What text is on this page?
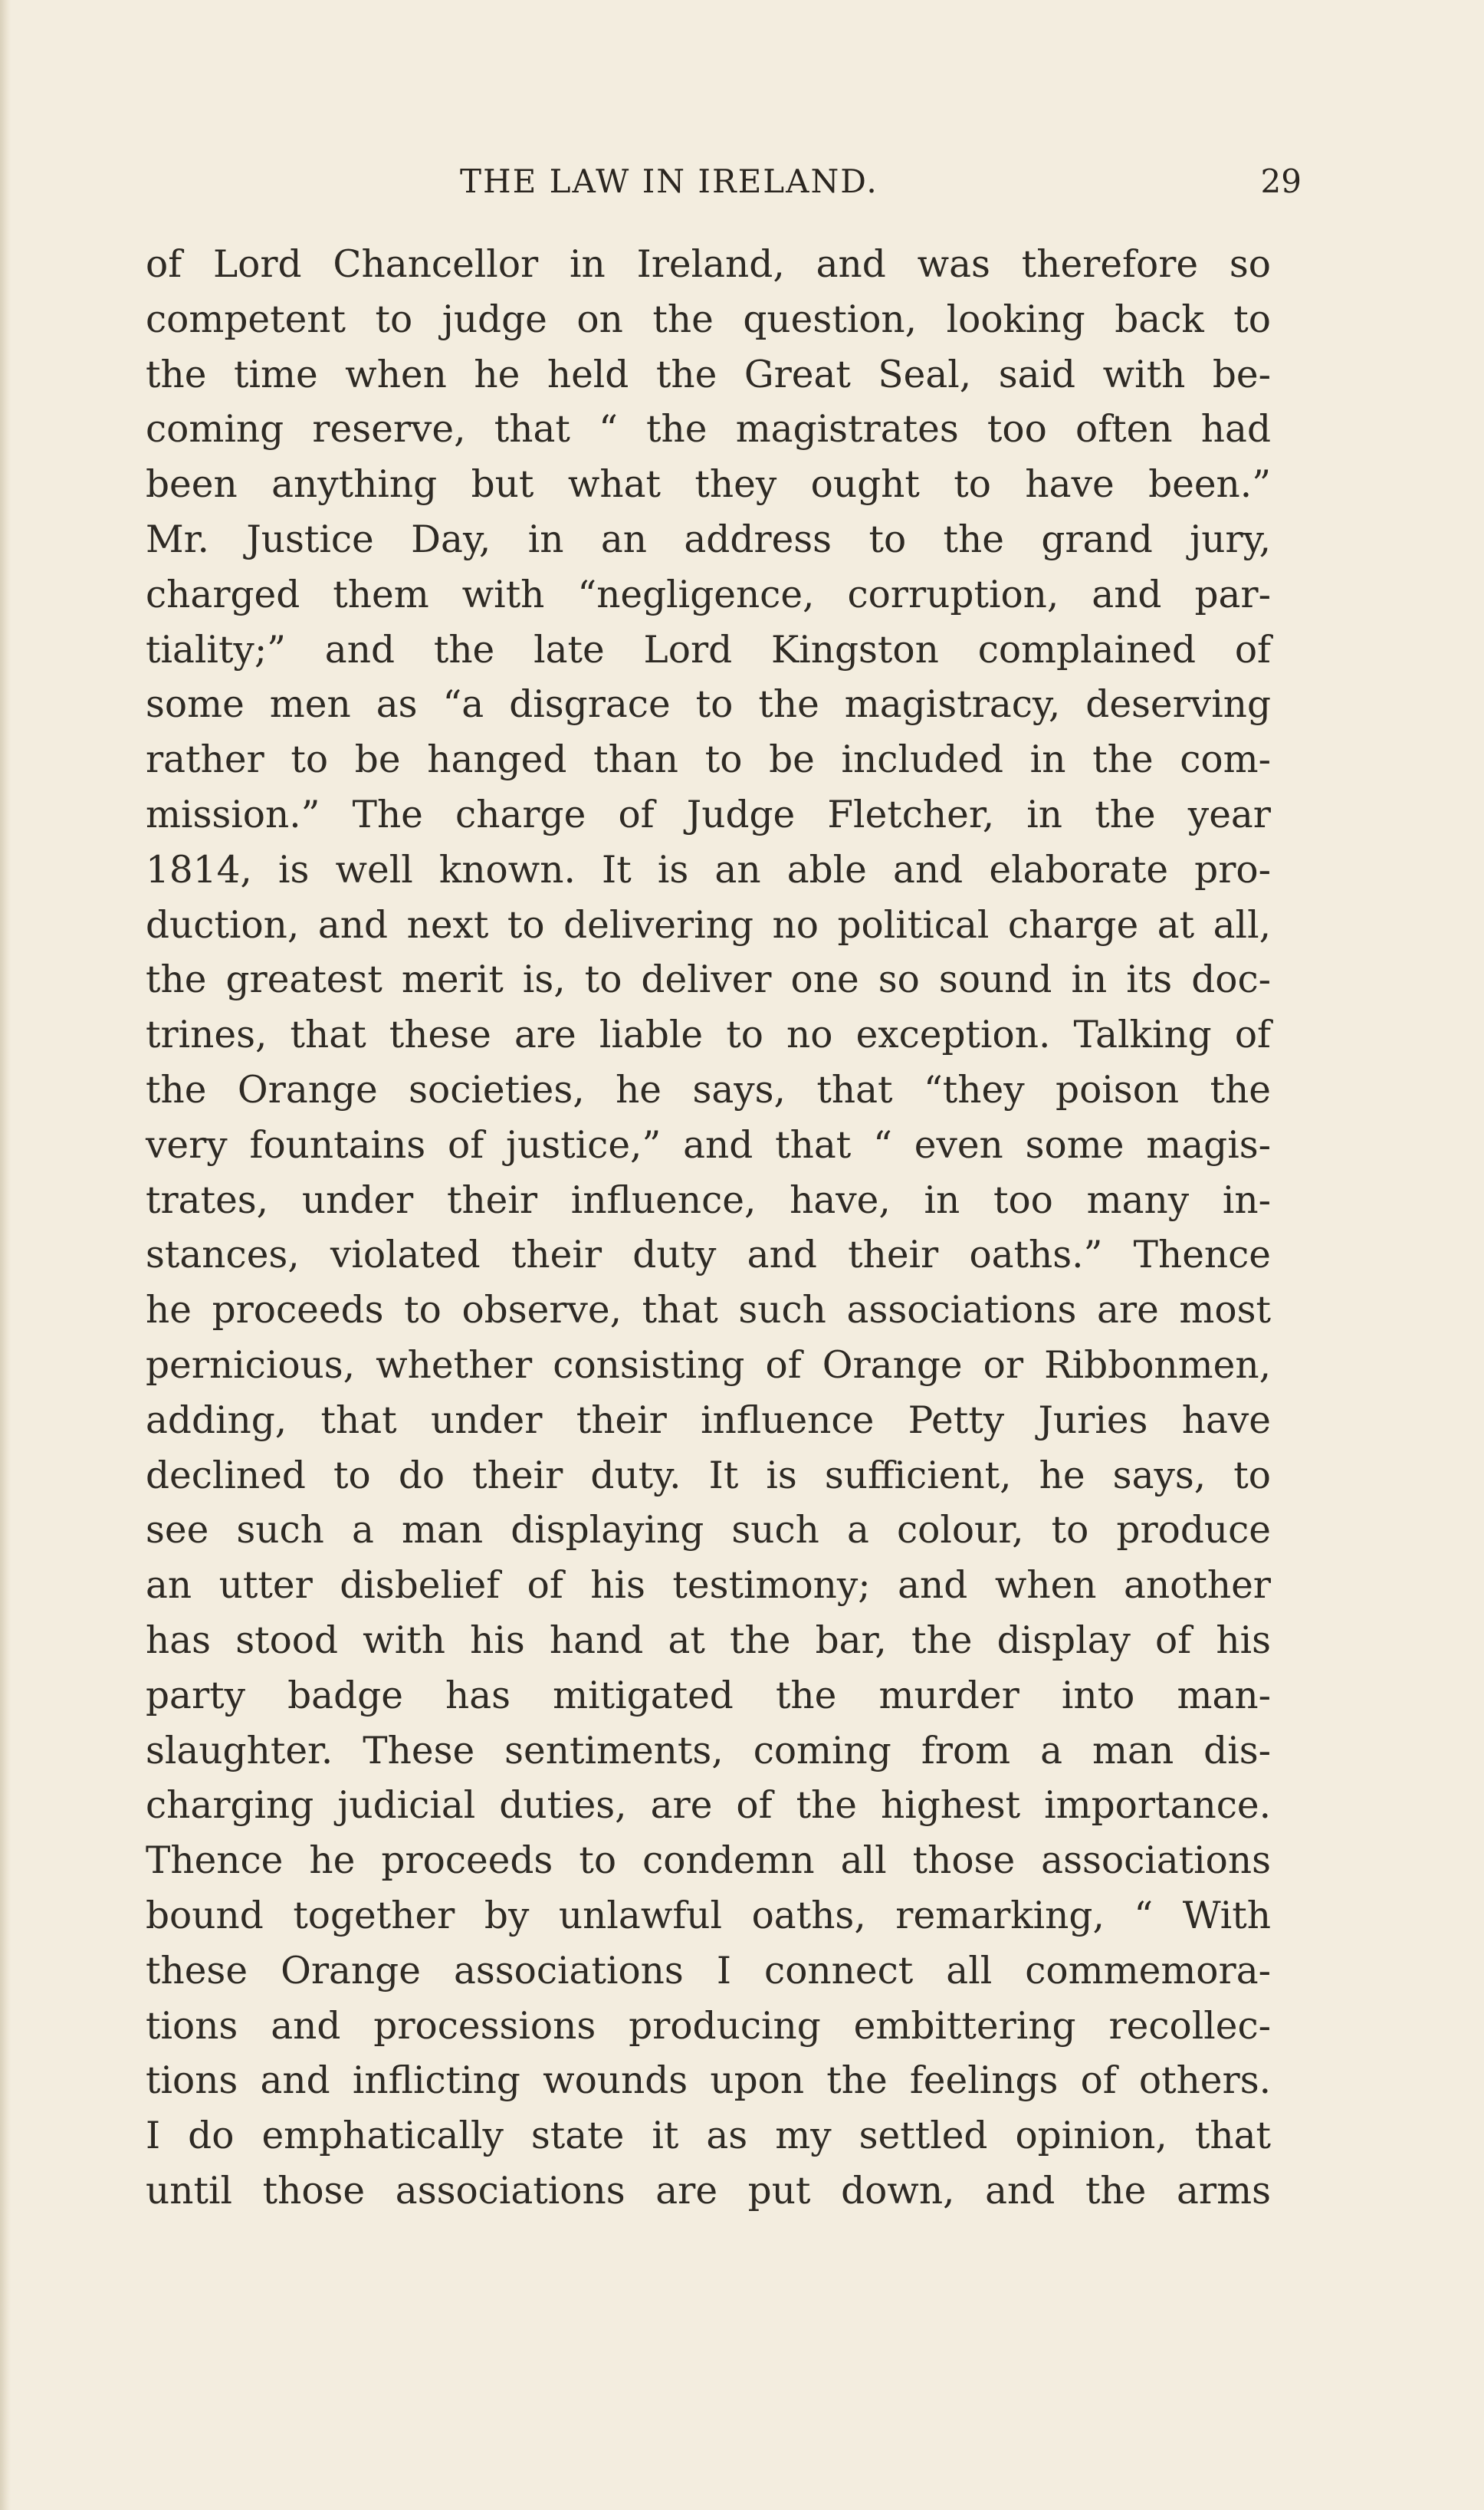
THE LAW IN IRELAND.	29
of Lord Chancellor in Ireland, and was therefore so
competent to judge on the question, looking back to
the time when he held the Great Seal, said with be-
coming reserve, that “ the magistrates too often had
been anything but what they ought to have been.”
Mr. Justice Day, in an address to the grand jury,
charged them with “negligence, corruption, and par-
tiality;” and the late Lord Kingston complained of
some men as “a disgrace to the magistracy, deserving
rather to be hanged than to be included in the com-
mission.” The charge of Judge Fletcher, in the year
1814, is well known. It is an able and elaborate pro-
duction, and next to delivering no political charge at all,
the greatest merit is, to deliver one so sound in its doc-
trines, that these are liable to no exception. Talking of
the Orange societies, he says, that “they poison the
very fountains of justice,” and that “ even some magis-
trates, under their influence, have, in too many in-
stances, violated their duty and their oaths.” Thence
he proceeds to observe, that such associations are most
pernicious, whether consisting of Orange or Ribbonmen,
adding, that under their influence Petty Juries have
declined to do their duty. It is sufficient, he says, to
see such a man displaying such a colour, to produce
an utter disbelief of his testimony; and when another
has stood with his hand at the bar, the display of his
party badge has mitigated the murder into man-
slaughter. These sentiments, coming from a man dis-
charging judicial duties, are of the highest importance.
Thence he proceeds to condemn all those associations
bound together by unlawful oaths, remarking, “ With
these Orange associations I connect all commemora-
tions and processions producing embittering recollec-
tions and inflicting wounds upon the feelings of others.
I do emphatically state it as my settled opinion, that
until those associations are put down, and the arms
